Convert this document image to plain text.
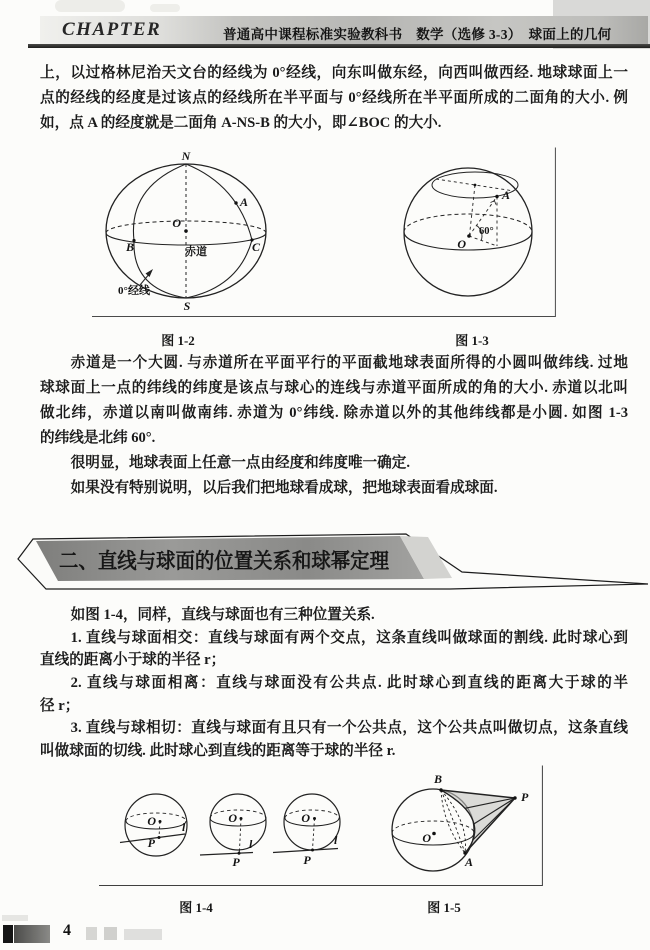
CHAPTER	普通高中课程标准实验教科书　数学（选修 3-3）　球面上的几何
上，以过格林尼治天文台的经线为 0°经线，向东叫做东经，向西叫做西经. 地球球面上一
点的经线的经度是过该点的经线所在半平面与 0°经线所在半平面所成的二面角的大小. 例
如，点 A 的经度就是二面角 A-NS-B 的大小，即∠BOC 的大小.
N
S
O
A
B	C
赤道
0°经线
O
A
60°
图 1-2	图 1-3
赤道是一个大圆. 与赤道所在平面平行的平面截地球表面所得的小圆叫做纬线. 过地
球球面上一点的纬线的纬度是该点与球心的连线与赤道平面所成的角的大小. 赤道以北叫
做北纬，赤道以南叫做南纬. 赤道为 0°纬线. 除赤道以外的其他纬线都是小圆. 如图 1-3
的纬线是北纬 60°.
很明显，地球表面上任意一点由经度和纬度唯一确定.
如果没有特别说明，以后我们把地球看成球，把地球表面看成球面.
二、直线与球面的位置关系和球幂定理
如图 1-4，同样，直线与球面也有三种位置关系.
1. 直线与球面相交：直线与球面有两个交点，这条直线叫做球面的割线. 此时球心到
直线的距离小于球的半径 r；
2. 直线与球面相离：直线与球面没有公共点. 此时球心到直线的距离大于球的半
径 r；
3. 直线与球相切：直线与球面有且只有一个公共点，这个公共点叫做切点，这条直线
叫做球面的切线. 此时球心到直线的距离等于球的半径 r.
O
P
l
O
P
l
O
P
l	O
B
A
P
图 1-4	图 1-5
4
